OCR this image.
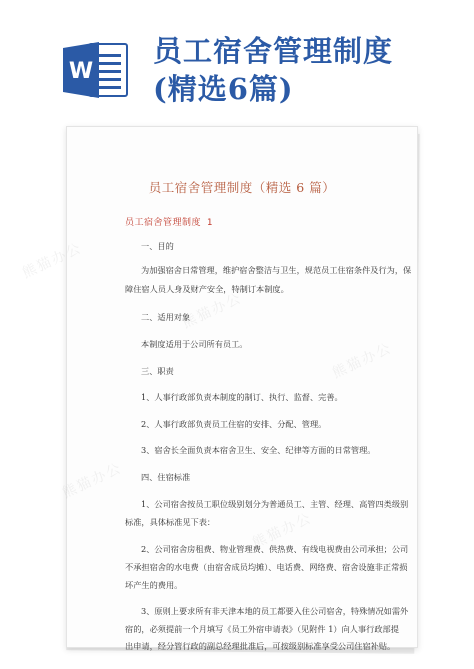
W
员工宿舍管理制度
(精选6篇)
员工宿舍管理制度（精选 6 篇）
员工宿舍管理制度 1
一、目的
为加强宿舍日常管理，维护宿舍整洁与卫生，规范员工住宿条件及行为，保
障住宿人员人身及财产安全，特制订本制度。
二、适用对象
本制度适用于公司所有员工。
三、职责
1、人事行政部负责本制度的制订、执行、监督、完善。
2、人事行政部负责员工住宿的安排、分配、管理。
3、宿舍长全面负责本宿舍卫生、安全、纪律等方面的日常管理。
四、住宿标准
1、公司宿舍按员工职位级别划分为普通员工、主管、经理、高管四类级别
标准，具体标准见下表：
2、公司宿舍房租费、物业管理费、供热费、有线电视费由公司承担；公司
不承担宿舍的水电费（由宿舍成员均摊）、电话费、网络费、宿舍设施非正常损
坏产生的费用。
3、原则上要求所有非天津本地的员工都要入住公司宿舍，特殊情况如需外
宿的，必须提前一个月填写《员工外宿申请表》（见附件 1）向人事行政部提
出申请，经分管行政的副总经理批准后，可按级别标准享受公司住宿补贴。
熊猫办公
